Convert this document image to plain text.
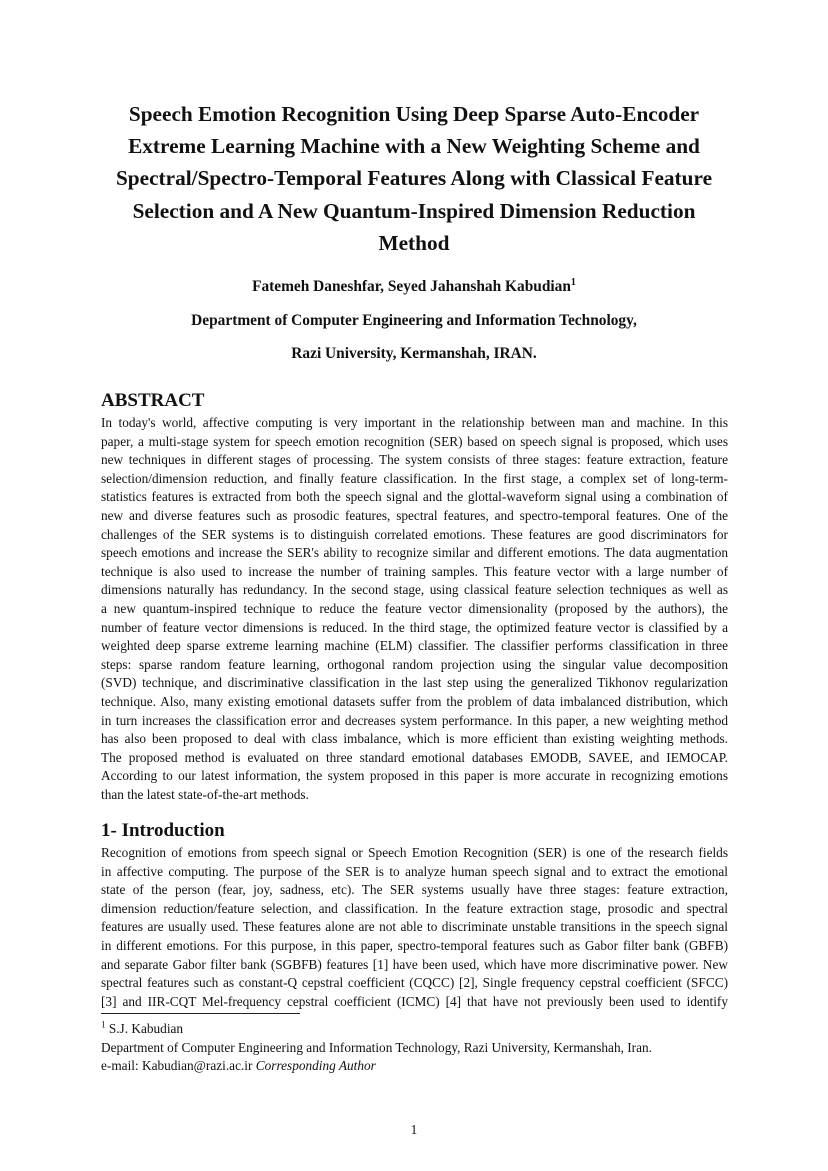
Speech Emotion Recognition Using Deep Sparse Auto-Encoder
Extreme Learning Machine with a New Weighting Scheme and
Spectral/Spectro-Temporal Features Along with Classical Feature
Selection and A New Quantum-Inspired Dimension Reduction
Method
Fatemeh Daneshfar, Seyed Jahanshah Kabudian$^1$
Department of Computer Engineering and Information Technology,
Razi University, Kermanshah, IRAN.
ABSTRACT
In today's world, affective computing is very important in the relationship between man and machine. In this
paper, a multi-stage system for speech emotion recognition (SER) based on speech signal is proposed, which uses
new techniques in different stages of processing. The system consists of three stages: feature extraction, feature
selection/dimension reduction, and finally feature classification. In the first stage, a complex set of long-term-
statistics features is extracted from both the speech signal and the glottal-waveform signal using a combination of
new and diverse features such as prosodic features, spectral features, and spectro-temporal features. One of the
challenges of the SER systems is to distinguish correlated emotions. These features are good discriminators for
speech emotions and increase the SER's ability to recognize similar and different emotions. The data augmentation
technique is also used to increase the number of training samples. This feature vector with a large number of
dimensions naturally has redundancy. In the second stage, using classical feature selection techniques as well as
a new quantum-inspired technique to reduce the feature vector dimensionality (proposed by the authors), the
number of feature vector dimensions is reduced. In the third stage, the optimized feature vector is classified by a
weighted deep sparse extreme learning machine (ELM) classifier. The classifier performs classification in three
steps: sparse random feature learning, orthogonal random projection using the singular value decomposition
(SVD) technique, and discriminative classification in the last step using the generalized Tikhonov regularization
technique. Also, many existing emotional datasets suffer from the problem of data imbalanced distribution, which
in turn increases the classification error and decreases system performance. In this paper, a new weighting method
has also been proposed to deal with class imbalance, which is more efficient than existing weighting methods.
The proposed method is evaluated on three standard emotional databases EMODB, SAVEE, and IEMOCAP.
According to our latest information, the system proposed in this paper is more accurate in recognizing emotions
than the latest state-of-the-art methods.
1- Introduction
Recognition of emotions from speech signal or Speech Emotion Recognition (SER) is one of the research fields
in affective computing. The purpose of the SER is to analyze human speech signal and to extract the emotional
state of the person (fear, joy, sadness, etc). The SER systems usually have three stages: feature extraction,
dimension reduction/feature selection, and classification. In the feature extraction stage, prosodic and spectral
features are usually used. These features alone are not able to discriminate unstable transitions in the speech signal
in different emotions. For this purpose, in this paper, spectro-temporal features such as Gabor filter bank (GBFB)
and separate Gabor filter bank (SGBFB) features [1] have been used, which have more discriminative power. New
spectral features such as constant-Q cepstral coefficient (CQCC) [2], Single frequency cepstral coefficient (SFCC)
[3] and IIR-CQT Mel-frequency cepstral coefficient (ICMC) [4] that have not previously been used to identify
$^1$ S.J. Kabudian
Department of Computer Engineering and Information Technology, Razi University, Kermanshah, Iran.
e-mail: Kabudian@razi.ac.ir Corresponding Author
1
